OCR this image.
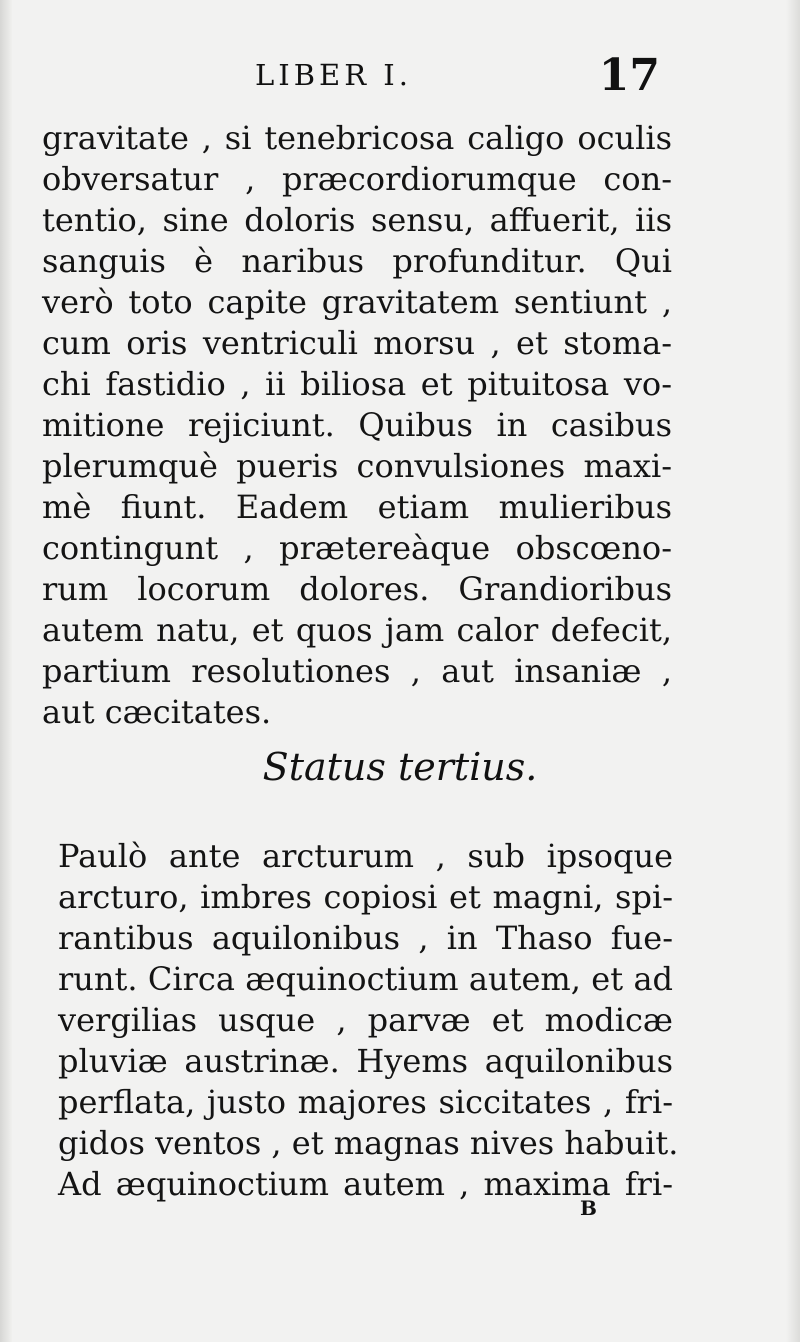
LIBER I.	17
gravitate , si tenebricosa caligo oculis
obversatur , præcordiorumque con-
tentio, sine doloris sensu, affuerit, iis
sanguis è naribus profunditur. Qui
verò toto capite gravitatem sentiunt ,
cum oris ventriculi morsu , et stoma-
chi fastidio , ii biliosa et pituitosa vo-
mitione rejiciunt. Quibus in casibus
plerumquè pueris convulsiones maxi-
mè fiunt. Eadem etiam mulieribus
contingunt , prætereàque obscœno-
rum locorum dolores. Grandioribus
autem natu, et quos jam calor defecit,
partium resolutiones , aut insaniæ ,
aut cæcitates.
Status tertius.
Paulò ante arcturum , sub ipsoque
arcturo, imbres copiosi et magni, spi-
rantibus aquilonibus , in Thaso fue-
runt. Circa æquinoctium autem, et ad
vergilias usque , parvæ et modicæ
pluviæ austrinæ. Hyems aquilonibus
perflata, justo majores siccitates , fri-
gidos ventos , et magnas nives habuit.
Ad æquinoctium autem , maxima fri-
B
